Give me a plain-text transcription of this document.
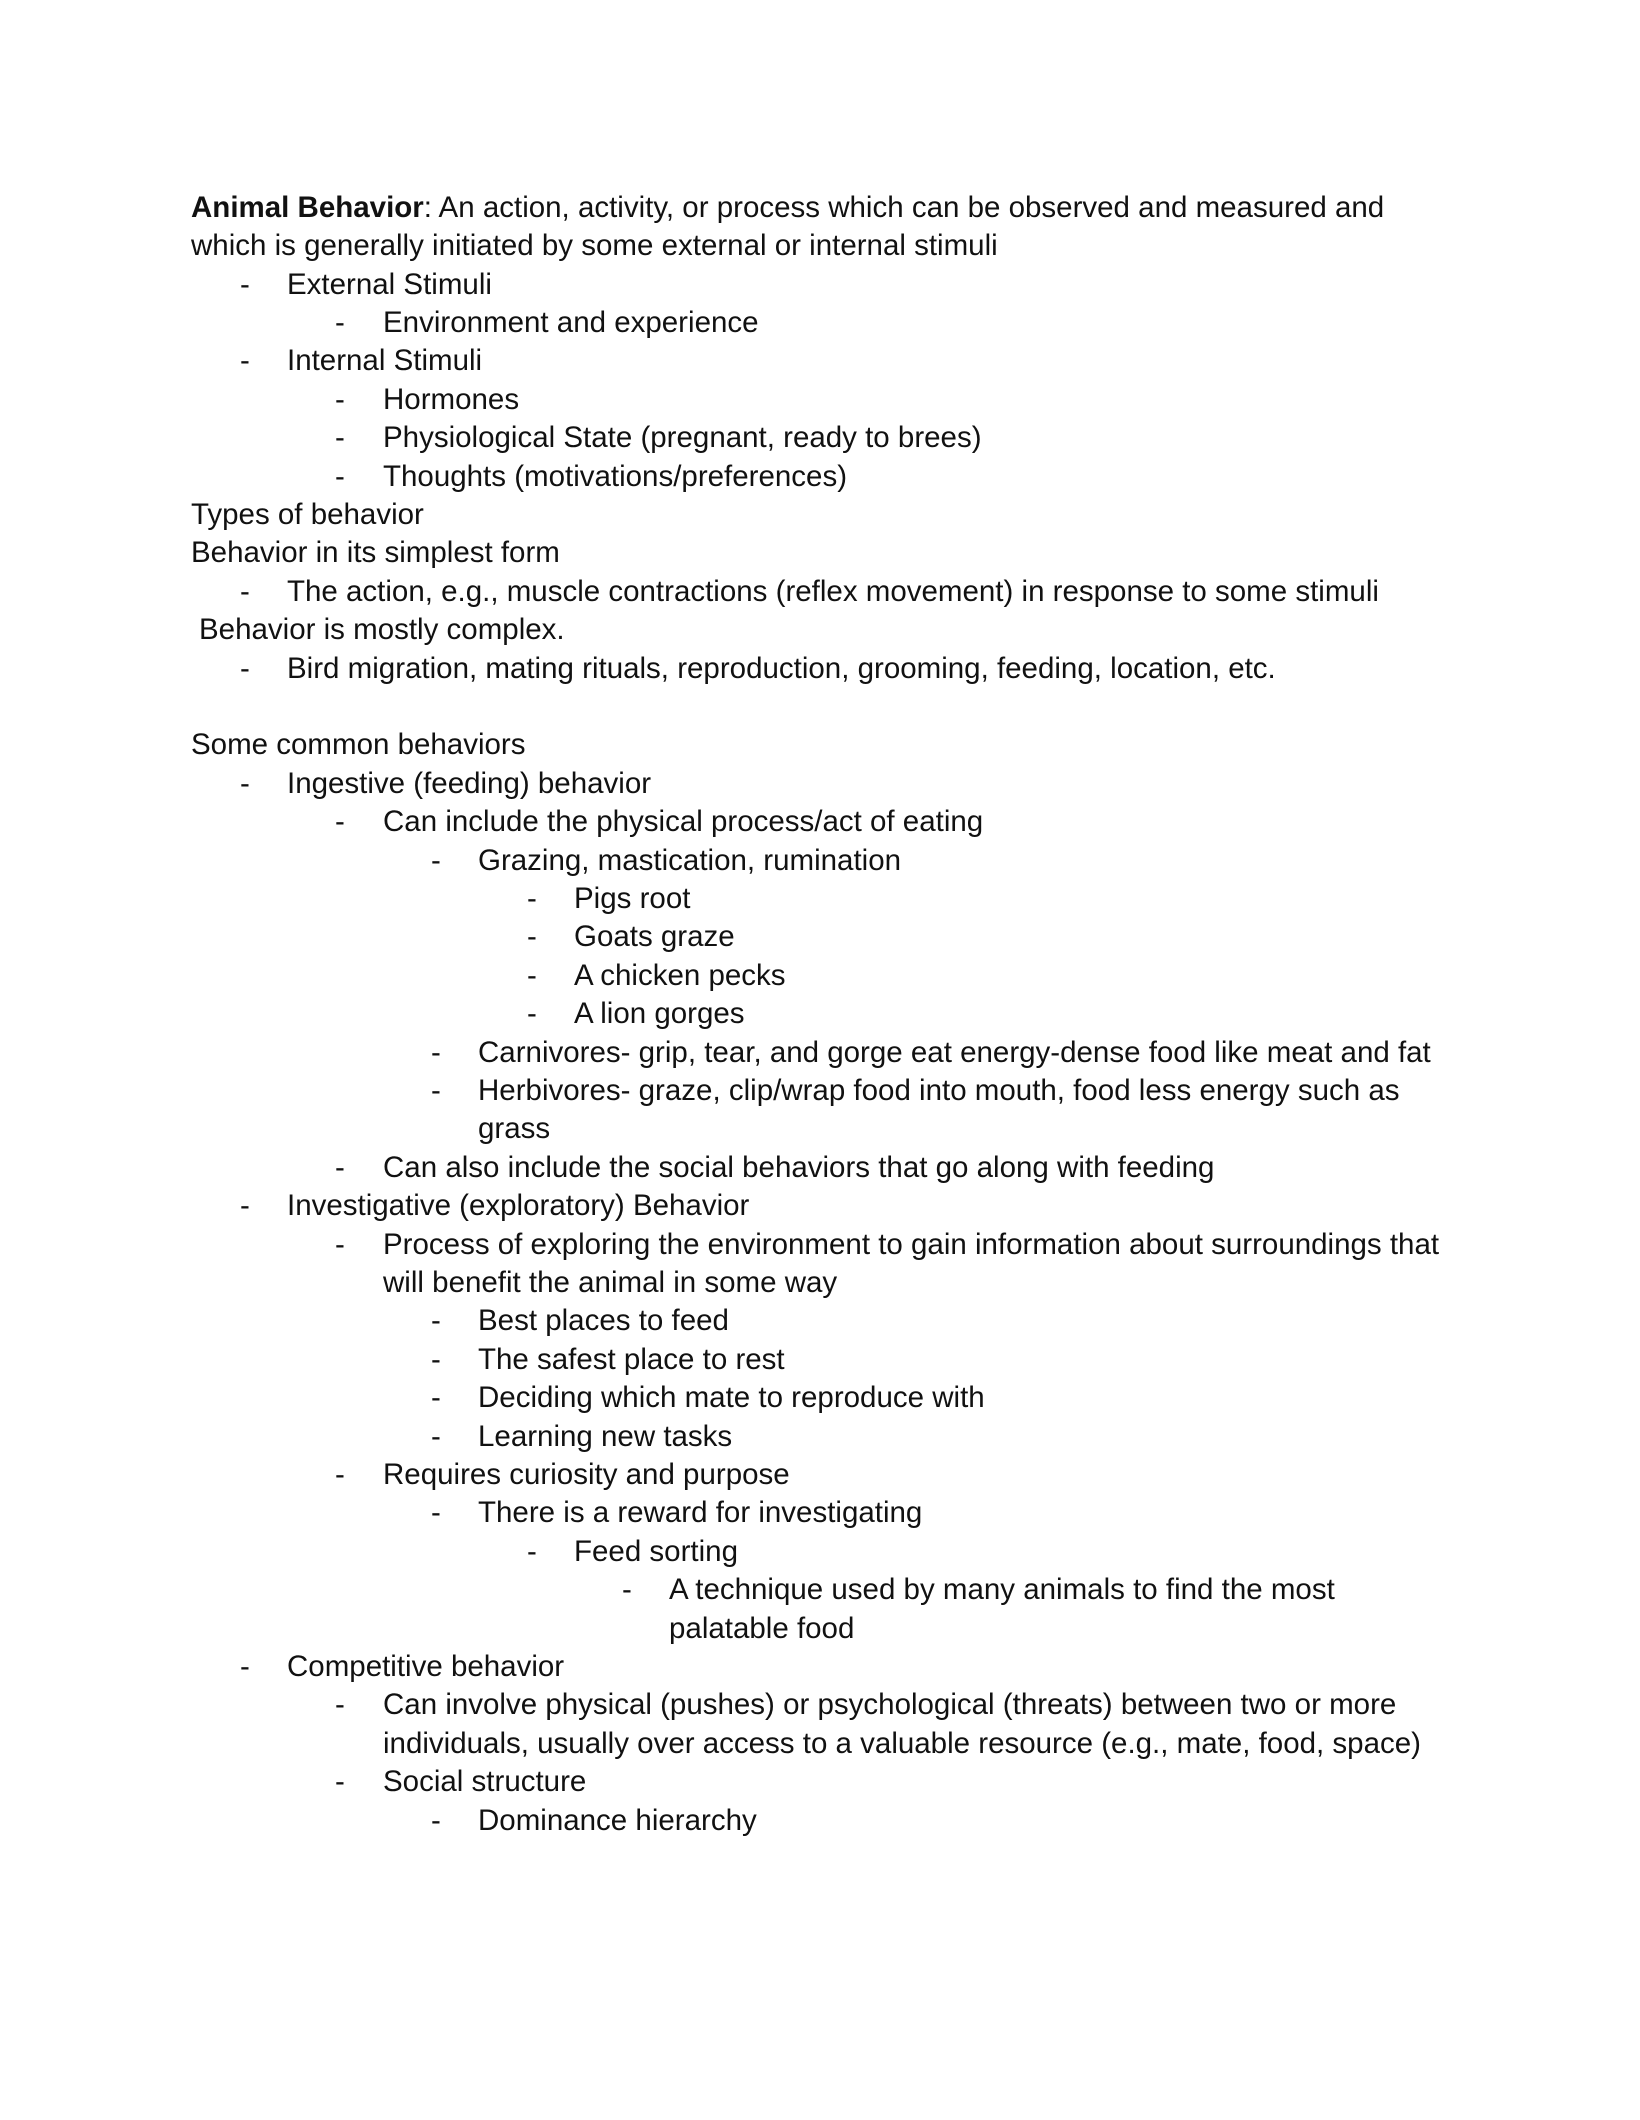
Animal Behavior: An action, activity, or process which can be observed and measured and
which is generally initiated by some external or internal stimuli
- External Stimuli
- Environment and experience
- Internal Stimuli
- Hormones
- Physiological State (pregnant, ready to brees)
- Thoughts (motivations/preferences)
Types of behavior
Behavior in its simplest form
- The action, e.g., muscle contractions (reflex movement) in response to some stimuli
Behavior is mostly complex.
- Bird migration, mating rituals, reproduction, grooming, feeding, location, etc.
Some common behaviors
- Ingestive (feeding) behavior
- Can include the physical process/act of eating
- Grazing, mastication, rumination
- Pigs root
- Goats graze
- A chicken pecks
- A lion gorges
- Carnivores- grip, tear, and gorge eat energy-dense food like meat and fat
- Herbivores- graze, clip/wrap food into mouth, food less energy such as
grass
- Can also include the social behaviors that go along with feeding
- Investigative (exploratory) Behavior
- Process of exploring the environment to gain information about surroundings that
will benefit the animal in some way
- Best places to feed
- The safest place to rest
- Deciding which mate to reproduce with
- Learning new tasks
- Requires curiosity and purpose
- There is a reward for investigating
- Feed sorting
- A technique used by many animals to find the most
palatable food
- Competitive behavior
- Can involve physical (pushes) or psychological (threats) between two or more
individuals, usually over access to a valuable resource (e.g., mate, food, space)
- Social structure
- Dominance hierarchy
